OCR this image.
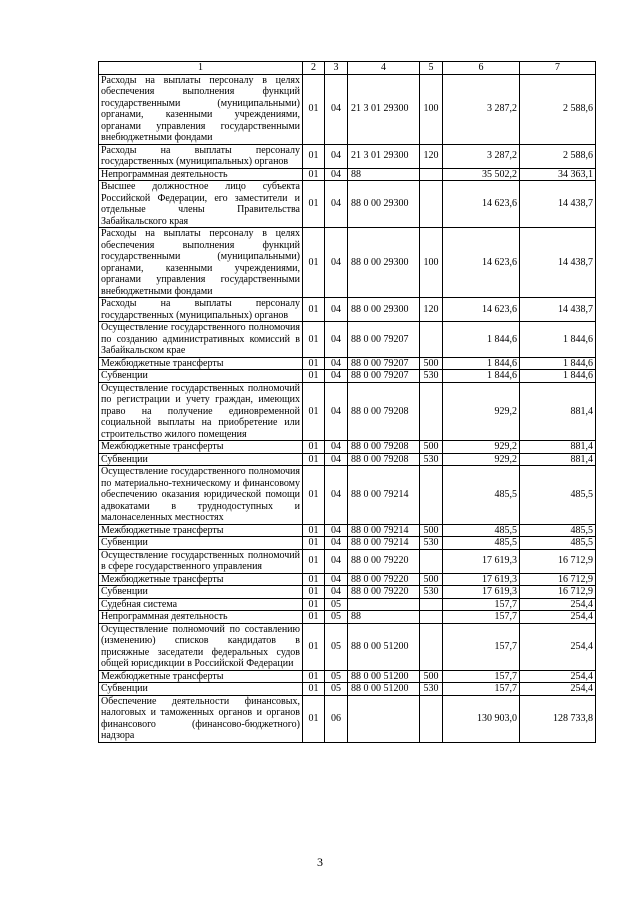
1	2	3	4	5	6	7
Расходы на выплаты персоналу в целях обеспечения выполнения функций государственными (муниципальными) органами, казенными учреждениями, органами управления государственными внебюджетными фондами	01	04	21 3 01 29300	100	3 287,2	2 588,6
Расходы на выплаты персоналу государственных (муниципальных) органов	01	04	21 3 01 29300	120	3 287,2	2 588,6
Непрограммная деятельность	01	04	88		35 502,2	34 363,1
Высшее должностное лицо субъекта Российской Федерации, его заместители и отдельные члены Правительства Забайкальского края	01	04	88 0 00 29300		14 623,6	14 438,7
Расходы на выплаты персоналу в целях обеспечения выполнения функций государственными (муниципальными) органами, казенными учреждениями, органами управления государственными внебюджетными фондами	01	04	88 0 00 29300	100	14 623,6	14 438,7
Расходы на выплаты персоналу государственных (муниципальных) органов	01	04	88 0 00 29300	120	14 623,6	14 438,7
Осуществление государственного полномочия по созданию административных комиссий в Забайкальском крае	01	04	88 0 00 79207		1 844,6	1 844,6
Межбюджетные трансферты	01	04	88 0 00 79207	500	1 844,6	1 844,6
Субвенции	01	04	88 0 00 79207	530	1 844,6	1 844,6
Осуществление государственных полномочий по регистрации и учету граждан, имеющих право на получение единовременной социальной выплаты на приобретение или строительство жилого помещения	01	04	88 0 00 79208		929,2	881,4
Межбюджетные трансферты	01	04	88 0 00 79208	500	929,2	881,4
Субвенции	01	04	88 0 00 79208	530	929,2	881,4
Осуществление государственного полномочия по материально-техническому и финансовому обеспечению оказания юридической помощи адвокатами в труднодоступных и малонаселенных местностях	01	04	88 0 00 79214		485,5	485,5
Межбюджетные трансферты	01	04	88 0 00 79214	500	485,5	485,5
Субвенции	01	04	88 0 00 79214	530	485,5	485,5
Осуществление государственных полномочий в сфере государственного управления	01	04	88 0 00 79220		17 619,3	16 712,9
Межбюджетные трансферты	01	04	88 0 00 79220	500	17 619,3	16 712,9
Субвенции	01	04	88 0 00 79220	530	17 619,3	16 712,9
Судебная система	01	05			157,7	254,4
Непрограммная деятельность	01	05	88		157,7	254,4
Осуществление полномочий по составлению (изменению) списков кандидатов в присяжные заседатели федеральных судов общей юрисдикции в Российской Федерации	01	05	88 0 00 51200		157,7	254,4
Межбюджетные трансферты	01	05	88 0 00 51200	500	157,7	254,4
Субвенции	01	05	88 0 00 51200	530	157,7	254,4
Обеспечение деятельности финансовых, налоговых и таможенных органов и органов финансового (финансово-бюджетного) надзора	01	06			130 903,0	128 733,8
3
